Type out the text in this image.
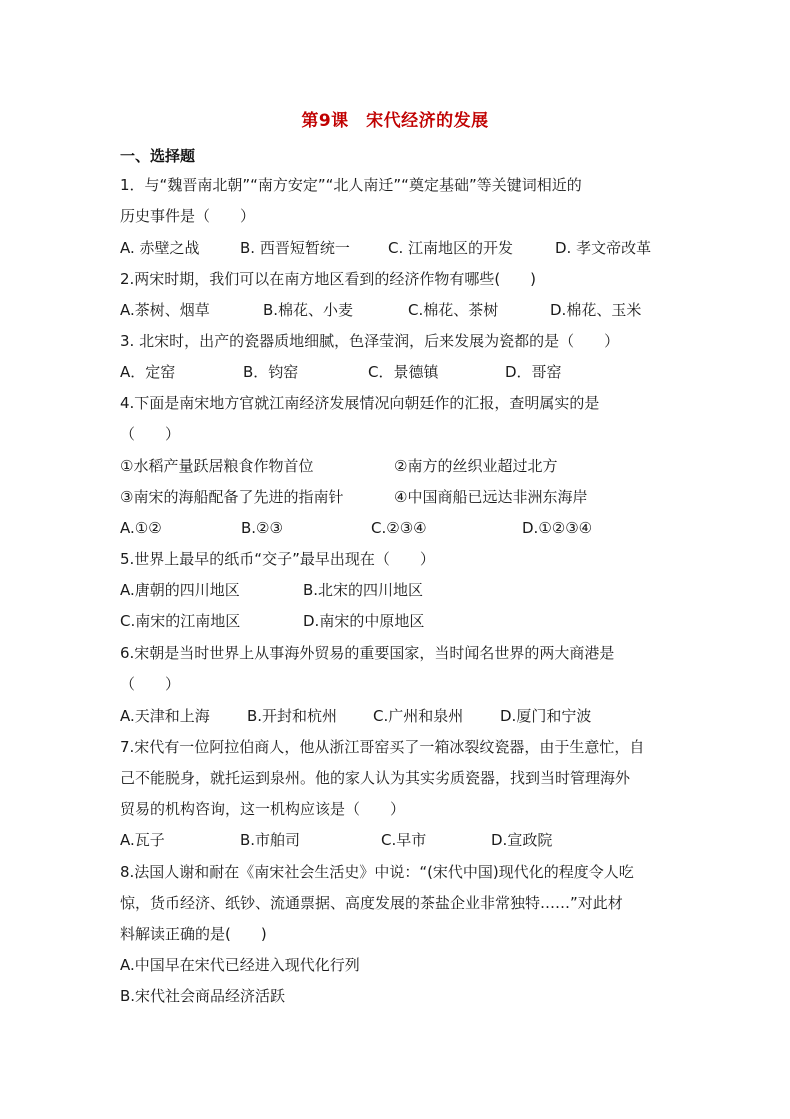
第9课　宋代经济的发展
一、选择题
1．与“魏晋南北朝”“南方安定”“北人南迁”“奠定基础”等关键词相近的
历史事件是（　　）
A. 赤壁之战	B. 西晋短暂统一	C. 江南地区的开发	D. 孝文帝改革
2.两宋时期，我们可以在南方地区看到的经济作物有哪些(　　)
A.茶树、烟草	B.棉花、小麦	C.棉花、茶树	D.棉花、玉米
3. 北宋时，出产的瓷器质地细腻，色泽莹润，后来发展为瓷都的是（　　）
A．定窑	B．钧窑	C．景德镇	D．哥窑
4.下面是南宋地方官就江南经济发展情况向朝廷作的汇报，查明属实的是
（　　）
①水稻产量跃居粮食作物首位	②南方的丝织业超过北方
③南宋的海船配备了先进的指南针	④中国商船已远达非洲东海岸
A.①②	B.②③	C.②③④	D.①②③④
5.世界上最早的纸币“交子”最早出现在（　　）
A.唐朝的四川地区	B.北宋的四川地区
C.南宋的江南地区	D.南宋的中原地区
6.宋朝是当时世界上从事海外贸易的重要国家，当时闻名世界的两大商港是
（　　）
A.天津和上海 B.开封和杭州 C.广州和泉州 D.厦门和宁波
7.宋代有一位阿拉伯商人，他从浙江哥窑买了一箱冰裂纹瓷器，由于生意忙，自
己不能脱身，就托运到泉州。他的家人认为其实劣质瓷器，找到当时管理海外
贸易的机构咨询，这一机构应该是（　　）
A.瓦子	B.市舶司	C.早市	D.宣政院
8.法国人谢和耐在《南宋社会生活史》中说：“(宋代中国)现代化的程度令人吃
惊，货币经济、纸钞、流通票据、高度发展的茶盐企业非常独特……”对此材
料解读正确的是(　　)
A.中国早在宋代已经进入现代化行列
B.宋代社会商品经济活跃
